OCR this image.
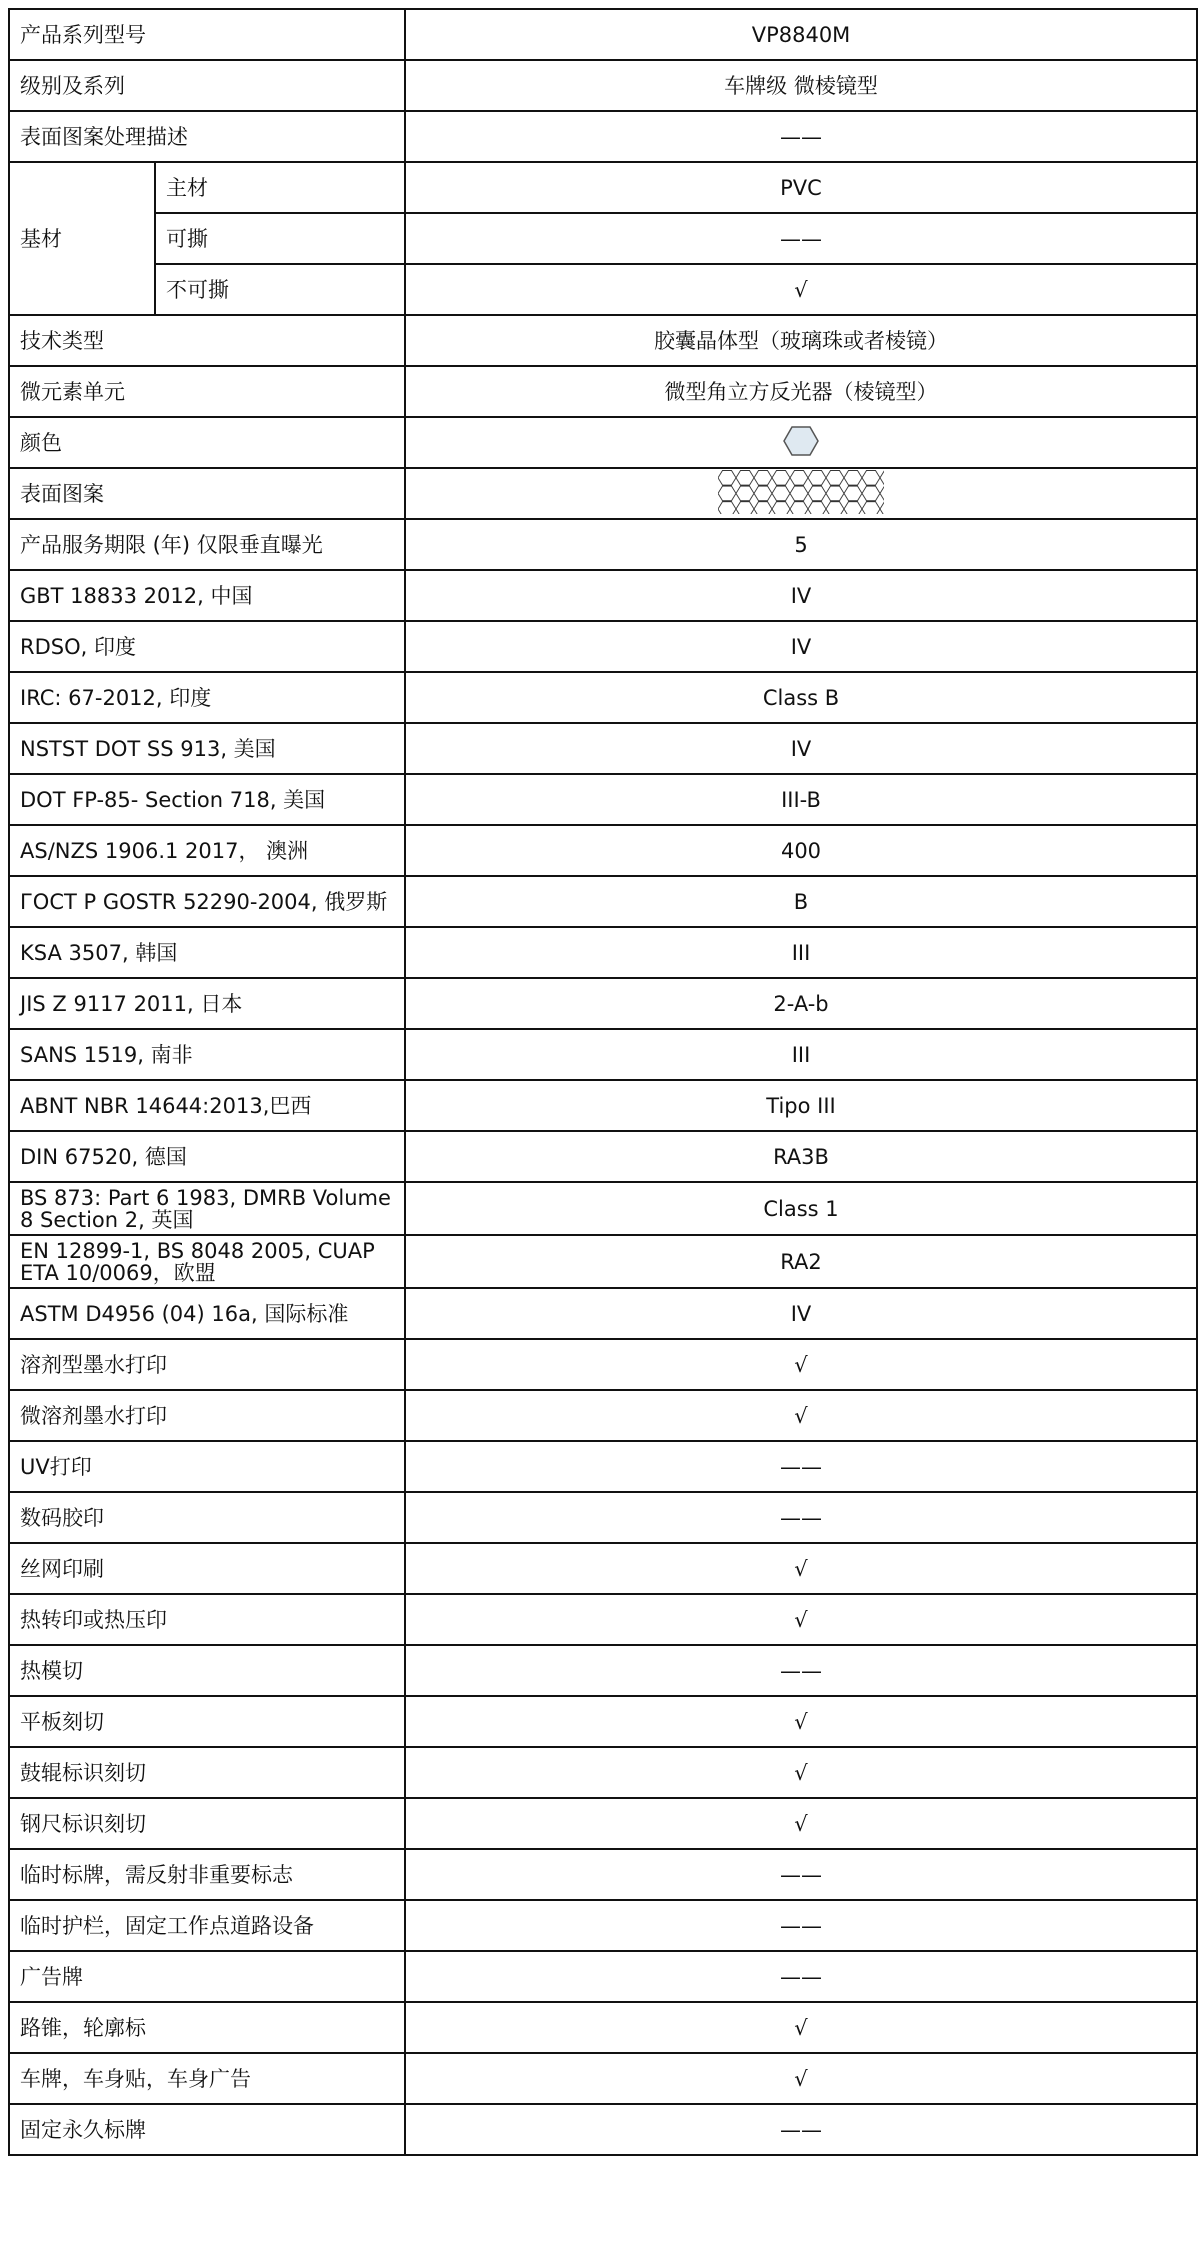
产品系列型号		VP8840M
级别及系列		车牌级 微棱镜型
表面图案处理描述		——
基材	主材	PVC
	可撕	——
	不可撕	√
技术类型		胶囊晶体型（玻璃珠或者棱镜）
微元素单元		微型角立方反光器（棱镜型）
颜色	
表面图案	
产品服务期限 (年) 仅限垂直曝光		5
GBT 18833 2012, 中国		IV
RDSO, 印度		IV
IRC: 67-2012, 印度		Class B
NSTST DOT SS 913, 美国		IV
DOT FP-85- Section 718, 美国		III-B
AS/NZS 1906.1 2017， 澳洲		400
ГОСТ Р GOSTR 52290-2004, 俄罗斯		B
KSA 3507, 韩国		III
JIS Z 9117 2011, 日本		2-A-b
SANS 1519, 南非		III
ABNT NBR 14644:2013,巴西		Tipo III
DIN 67520, 德国		RA3B
BS 873: Part 6 1983, DMRB Volume 8 Section 2, 英国		Class 1
EN 12899-1, BS 8048 2005, CUAP ETA 10/0069，欧盟		RA2
ASTM D4956 (04) 16a, 国际标准		IV
溶剂型墨水打印		√
微溶剂墨水打印		√
UV打印		——
数码胶印		——
丝网印刷		√
热转印或热压印		√
热模切		——
平板刻切		√
鼓辊标识刻切		√
钢尺标识刻切		√
临时标牌，需反射非重要标志		——
临时护栏，固定工作点道路设备		——
广告牌		——
路锥，轮廓标		√
车牌，车身贴，车身广告		√
固定永久标牌		——
